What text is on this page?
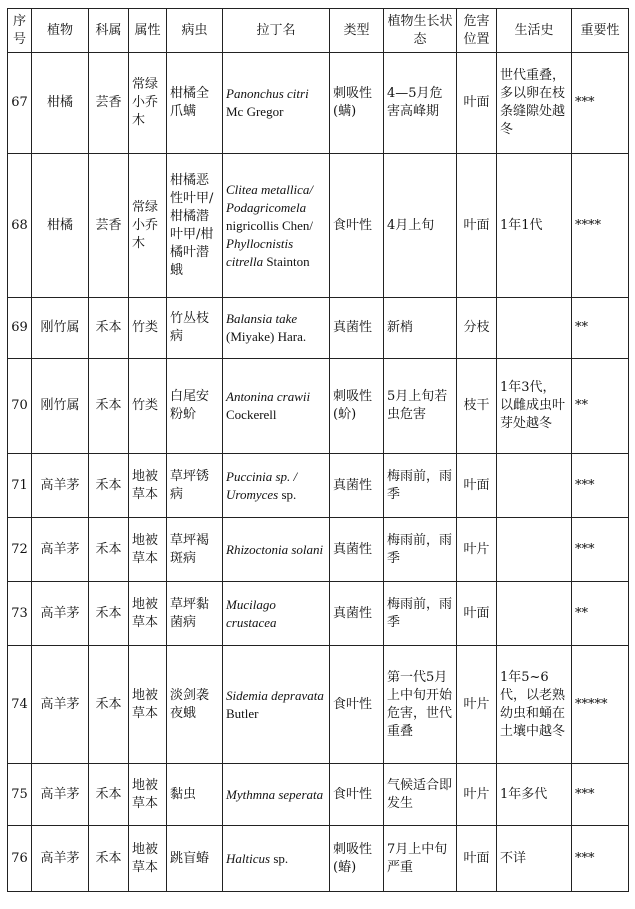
序号	植物	科属	属性	病虫	拉丁名	类型	植物生长状态	危害位置	生活史	重要性
67	柑橘	芸香	常绿小乔木	柑橘全爪螨	Panonchus citri Mc Gregor	刺吸性(螨)	4—5月危害高峰期	叶面	世代重叠，多以卵在枝条缝隙处越冬	***
68	柑橘	芸香	常绿小乔木	柑橘恶性叶甲/柑橘潜叶甲/柑橘叶潜蛾	Clitea metallica/ Podagricomela nigricollis Chen/ Phyllocnistis citrella Stainton	食叶性	4月上旬	叶面	1年1代	****
69	刚竹属	禾本	竹类	竹丛枝病	Balansia take (Miyake) Hara.	真菌性	新梢	分枝		**
70	刚竹属	禾本	竹类	白尾安粉蚧	Antonina crawii Cockerell	刺吸性(蚧)	5月上旬若虫危害	枝干	1年3代，以雌成虫叶芽处越冬	**
71	高羊茅	禾本	地被草本	草坪锈病	Puccinia sp. / Uromyces sp.	真菌性	梅雨前，雨季	叶面		***
72	高羊茅	禾本	地被草本	草坪褐斑病	Rhizoctonia solani	真菌性	梅雨前，雨季	叶片		***
73	高羊茅	禾本	地被草本	草坪黏菌病	Mucilago crustacea	真菌性	梅雨前，雨季	叶面		**
74	高羊茅	禾本	地被草本	淡剑袭夜蛾	Sidemia depravata Butler	食叶性	第一代5月上中旬开始危害，世代重叠	叶片	1年5~6代，以老熟幼虫和蛹在土壤中越冬	*****
75	高羊茅	禾本	地被草本	黏虫	Mythmna seperata	食叶性	气候适合即发生	叶片	1年多代	***
76	高羊茅	禾本	地被草本	跳盲蝽	Halticus sp.	刺吸性(蝽)	7月上中旬严重	叶面	不详	***
